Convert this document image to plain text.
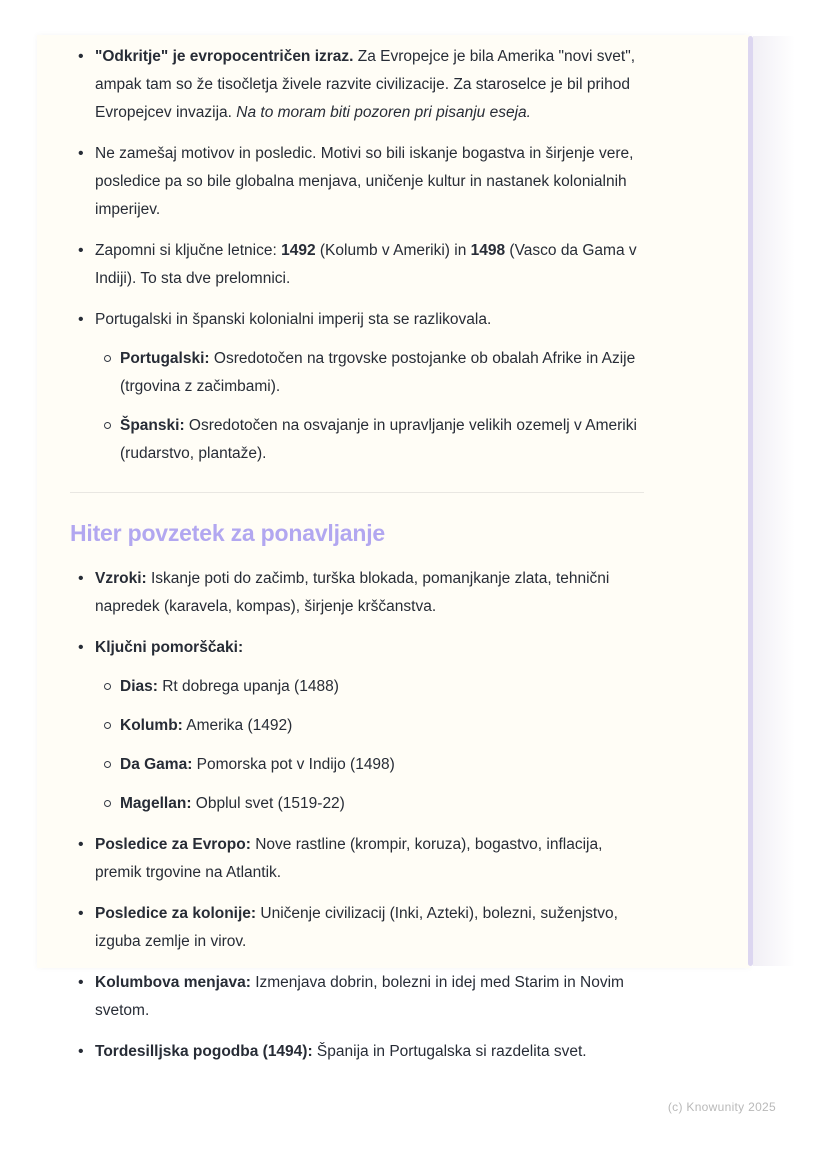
•
"Odkritje" je evropocentričen izraz. Za Evropejce je bila Amerika "novi svet", ampak tam so že tisočletja živele razvite civilizacije. Za staroselce je bil prihod Evropejcev invazija. Na to moram biti pozoren pri pisanju eseja.
•
Ne zamešaj motivov in posledic. Motivi so bili iskanje bogastva in širjenje vere, posledice pa so bile globalna menjava, uničenje kultur in nastanek kolonialnih imperijev.
•
Zapomni si ključne letnice: 1492 (Kolumb v Ameriki) in 1498 (Vasco da Gama v Indiji). To sta dve prelomnici.
•
Portugalski in španski kolonialni imperij sta se razlikovala.
Portugalski: Osredotočen na trgovske postojanke ob obalah Afrike in Azije (trgovina z začimbami).
Španski: Osredotočen na osvajanje in upravljanje velikih ozemelj v Ameriki (rudarstvo, plantaže).
Hiter povzetek za ponavljanje
•
Vzroki: Iskanje poti do začimb, turška blokada, pomanjkanje zlata, tehnični napredek (karavela, kompas), širjenje krščanstva.
•
Ključni pomorščaki:
Dias: Rt dobrega upanja (1488)
Kolumb: Amerika (1492)
Da Gama: Pomorska pot v Indijo (1498)
Magellan: Obplul svet (1519-22)
•
Posledice za Evropo: Nove rastline (krompir, koruza), bogastvo, inflacija, premik trgovine na Atlantik.
•
Posledice za kolonije: Uničenje civilizacij (Inki, Azteki), bolezni, suženjstvo, izguba zemlje in virov.
•
Kolumbova menjava: Izmenjava dobrin, bolezni in idej med Starim in Novim svetom.
•
Tordesilljska pogodba (1494): Španija in Portugalska si razdelita svet.
(c) Knowunity 2025
